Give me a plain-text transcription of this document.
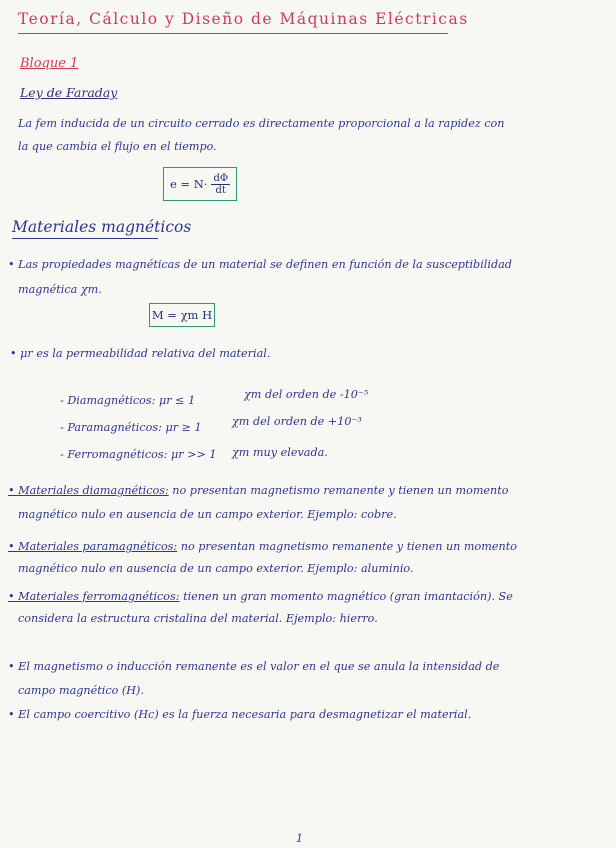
Teoría, Cálculo y Diseño de Máquinas Eléctricas
Bloque 1
Ley de Faraday
La fem inducida de un circuito cerrado es directamente proporcional a la rapidez con
la que cambia el flujo en el tiempo.
$e = N\cdot \frac{d\Phi}{dt}$
Materiales magnéticos
• Las propiedades magnéticas de un material se definen en función de la susceptibilidad
magnética χm.
M = χm H
• μr es la permeabilidad relativa del material.
- Diamagnéticos: μr ≤ 1	χm del orden de -10⁻⁵
- Paramagnéticos: μr ≥ 1	χm del orden de +10⁻³
- Ferromagnéticos: μr >> 1 χm muy elevada.
• Materiales diamagnéticos: no presentan magnetismo remanente y tienen un momento
magnético nulo en ausencia de un campo exterior. Ejemplo: cobre.
• Materiales paramagnéticos: no presentan magnetismo remanente y tienen un momento
magnético nulo en ausencia de un campo exterior. Ejemplo: aluminio.
• Materiales ferromagnéticos: tienen un gran momento magnético (gran imantación). Se
considera la estructura cristalina del material. Ejemplo: hierro.
• El magnetismo o inducción remanente es el valor en el que se anula la intensidad de
campo magnético (H).
• El campo coercitivo (Hc) es la fuerza necesaria para desmagnetizar el material.
1
